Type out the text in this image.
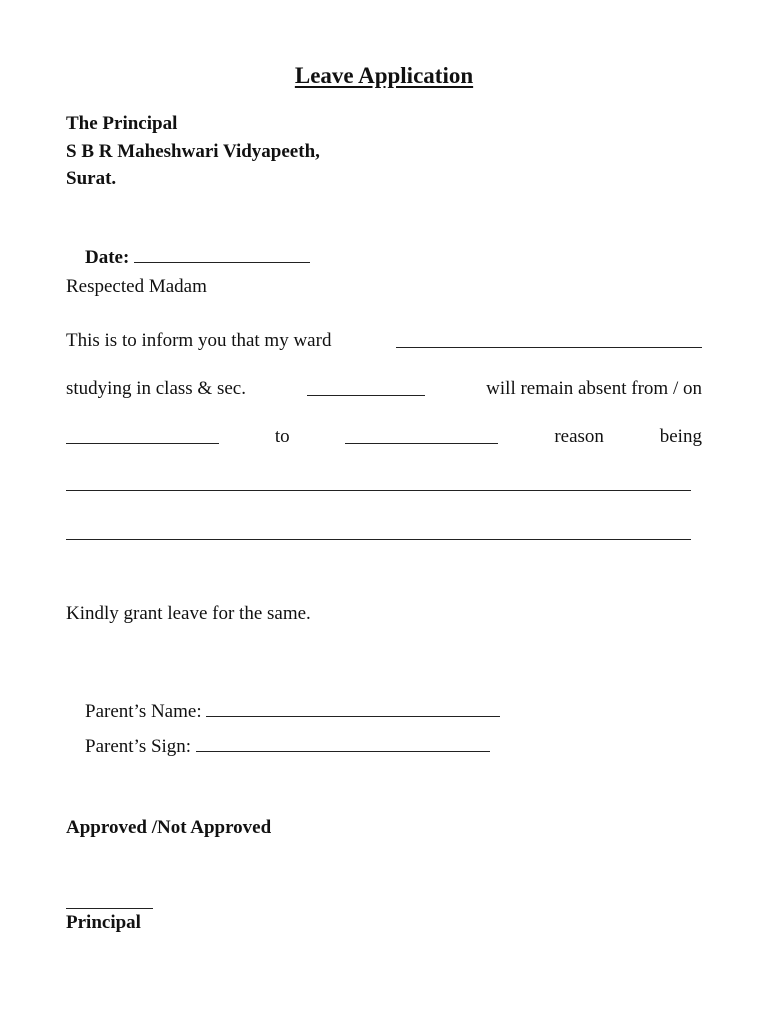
Leave Application
The Principal
S B R Maheshwari Vidyapeeth,
Surat.

Date:

Respected Madam
This is to inform you that my ward
studying in class & sec.	will remain absent from / on
to	reason	being
Kindly grant leave for the same.

Parent’s Name:

Parent’s Sign:

Approved /Not Approved
Principal
